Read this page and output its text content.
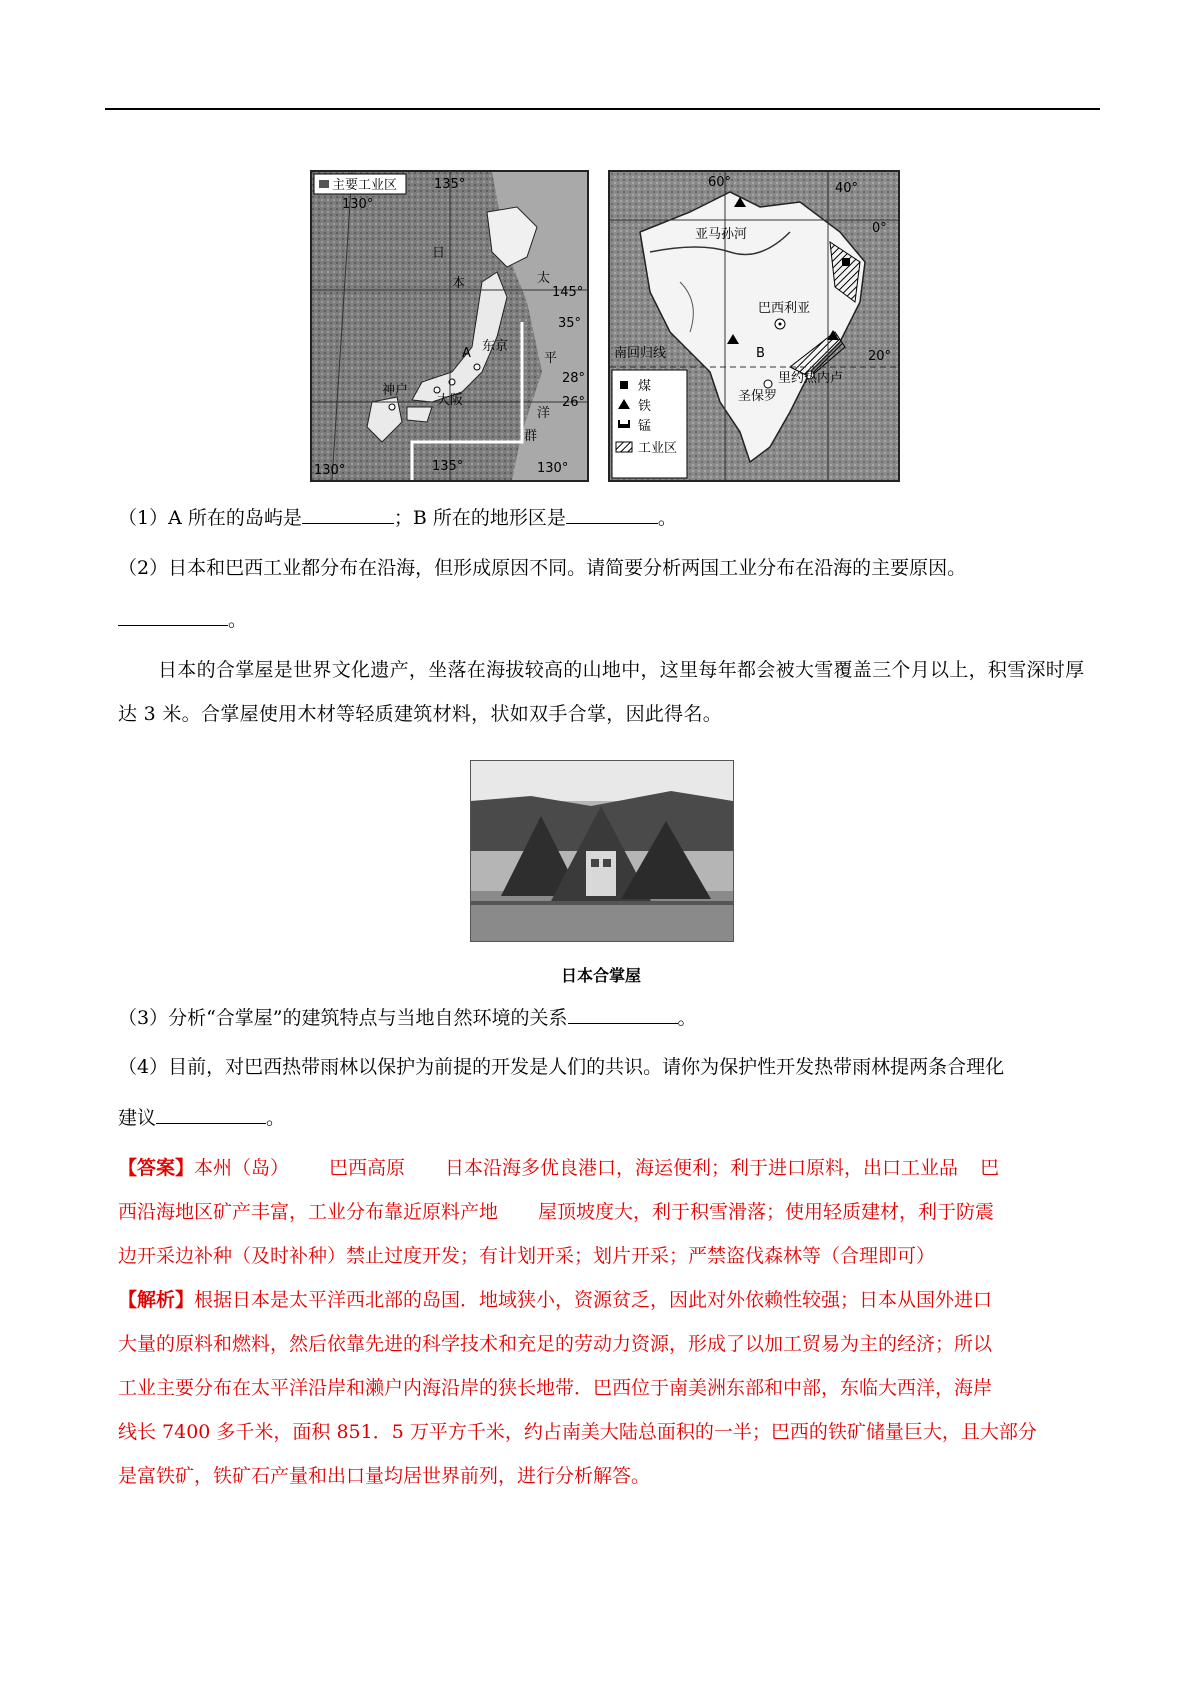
主要工业区
130°
135°
135°
145°
130°	130°
35°
28°
26°
A 东京
神户
大阪
日
本	太
平
洋
群
煤
铁
锰
工业区
60°	40°
0°
20°
亚马孙河
巴西利亚
南回归线	B
圣保罗
里约热内卢
（1）A 所在的岛屿是	；B 所在的地形区是	。
（2）日本和巴西工业都分布在沿海，但形成原因不同。请简要分析两国工业分布在沿海的主要原因。
。
日本的合掌屋是世界文化遗产，坐落在海拔较高的山地中，这里每年都会被大雪覆盖三个月以上，积雪深时厚达 3 米。合掌屋使用木材等轻质建筑材料，状如双手合掌，因此得名。
日本合掌屋
（3）分析“合掌屋”的建筑特点与当地自然环境的关系	。
（4）目前，对巴西热带雨林以保护为前提的开发是人们的共识。请你为保护性开发热带雨林提两条合理化
建议	。
【答案】本州（岛） 巴西高原 日本沿海多优良港口，海运便利；利于进口原料，出口工业品 巴
西沿海地区矿产丰富，工业分布靠近原料产地 屋顶坡度大，利于积雪滑落；使用轻质建材，利于防震
边开采边补种（及时补种）禁止过度开发；有计划开采；划片开采；严禁盗伐森林等（合理即可）
【解析】根据日本是太平洋西北部的岛国．地域狭小，资源贫乏，因此对外依赖性较强；日本从国外进口
大量的原料和燃料，然后依靠先进的科学技术和充足的劳动力资源，形成了以加工贸易为主的经济；所以
工业主要分布在太平洋沿岸和濑户内海沿岸的狭长地带．巴西位于南美洲东部和中部，东临大西洋，海岸
线长 7400 多千米，面积 851．5 万平方千米，约占南美大陆总面积的一半；巴西的铁矿储量巨大，且大部分
是富铁矿，铁矿石产量和出口量均居世界前列，进行分析解答。
